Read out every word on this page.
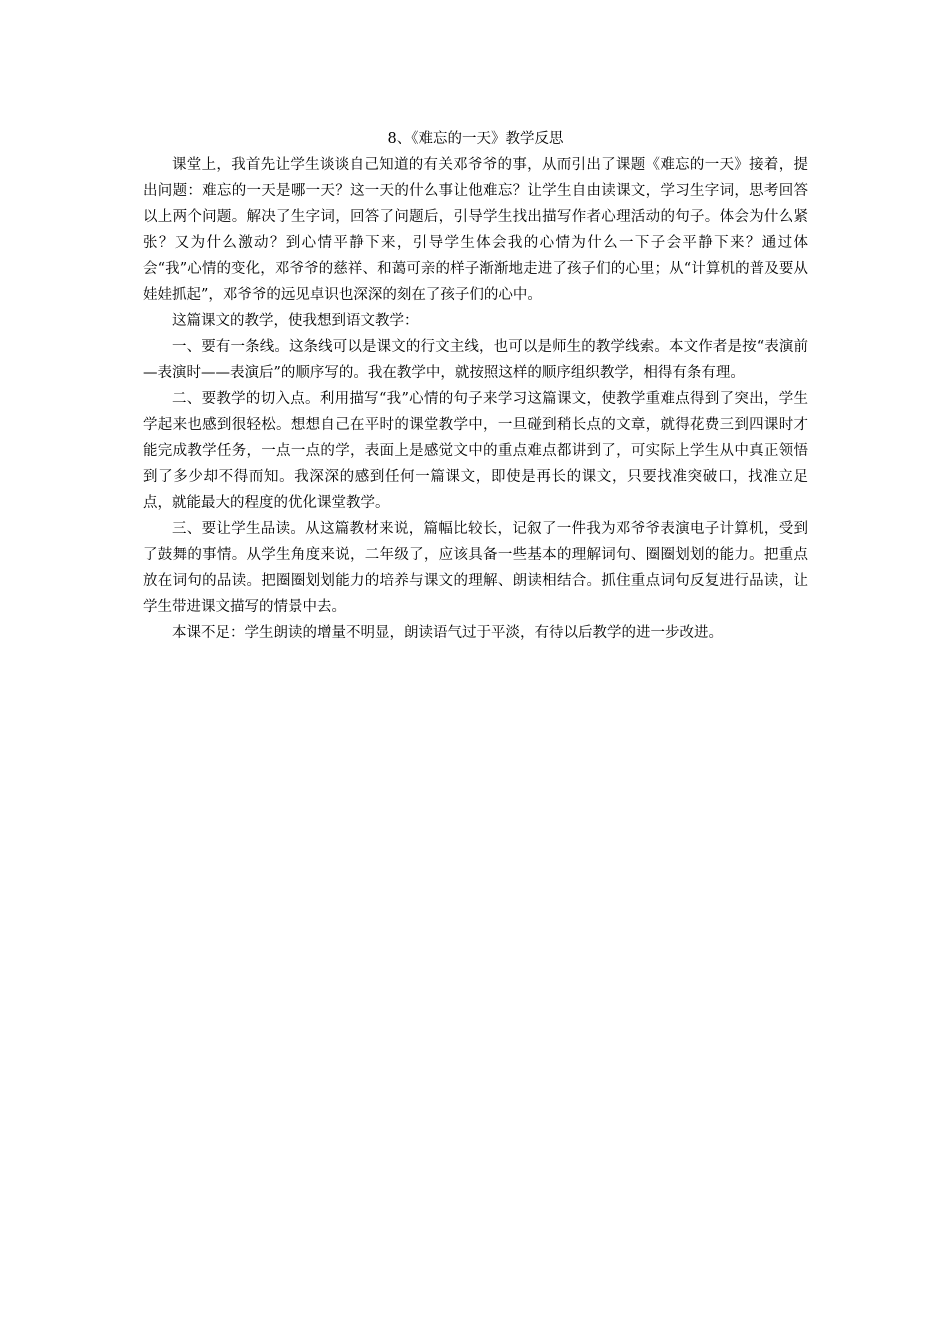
8、《难忘的一天》教学反思

课堂上，我首先让学生谈谈自己知道的有关邓爷爷的事，从而引出了课题《难忘的一天》接着，提出问题：难忘的一天是哪一天？这一天的什么事让他难忘？让学生自由读课文，学习生字词，思考回答以上两个问题。解决了生字词，回答了问题后，引导学生找出描写作者心理活动的句子。体会为什么紧张？又为什么激动？到心情平静下来，引导学生体会我的心情为什么一下子会平静下来？通过体会“我”心情的变化，邓爷爷的慈祥、和蔼可亲的样子渐渐地走进了孩子们的心里；从“计算机的普及要从娃娃抓起”，邓爷爷的远见卓识也深深的刻在了孩子们的心中。

这篇课文的教学，使我想到语文教学：

一、要有一条线。这条线可以是课文的行文主线，也可以是师生的教学线索。本文作者是按“表演前—表演时——表演后”的顺序写的。我在教学中，就按照这样的顺序组织教学，相得有条有理。

二、要教学的切入点。利用描写“我”心情的句子来学习这篇课文，使教学重难点得到了突出，学生学起来也感到很轻松。想想自己在平时的课堂教学中，一旦碰到稍长点的文章，就得花费三到四课时才能完成教学任务，一点一点的学，表面上是感觉文中的重点难点都讲到了，可实际上学生从中真正领悟到了多少却不得而知。我深深的感到任何一篇课文，即使是再长的课文，只要找准突破口，找准立足点，就能最大的程度的优化课堂教学。

三、要让学生品读。从这篇教材来说，篇幅比较长，记叙了一件我为邓爷爷表演电子计算机，受到了鼓舞的事情。从学生角度来说，二年级了，应该具备一些基本的理解词句、圈圈划划的能力。把重点放在词句的品读。把圈圈划划能力的培养与课文的理解、朗读相结合。抓住重点词句反复进行品读，让学生带进课文描写的情景中去。

本课不足：学生朗读的增量不明显，朗读语气过于平淡，有待以后教学的进一步改进。
